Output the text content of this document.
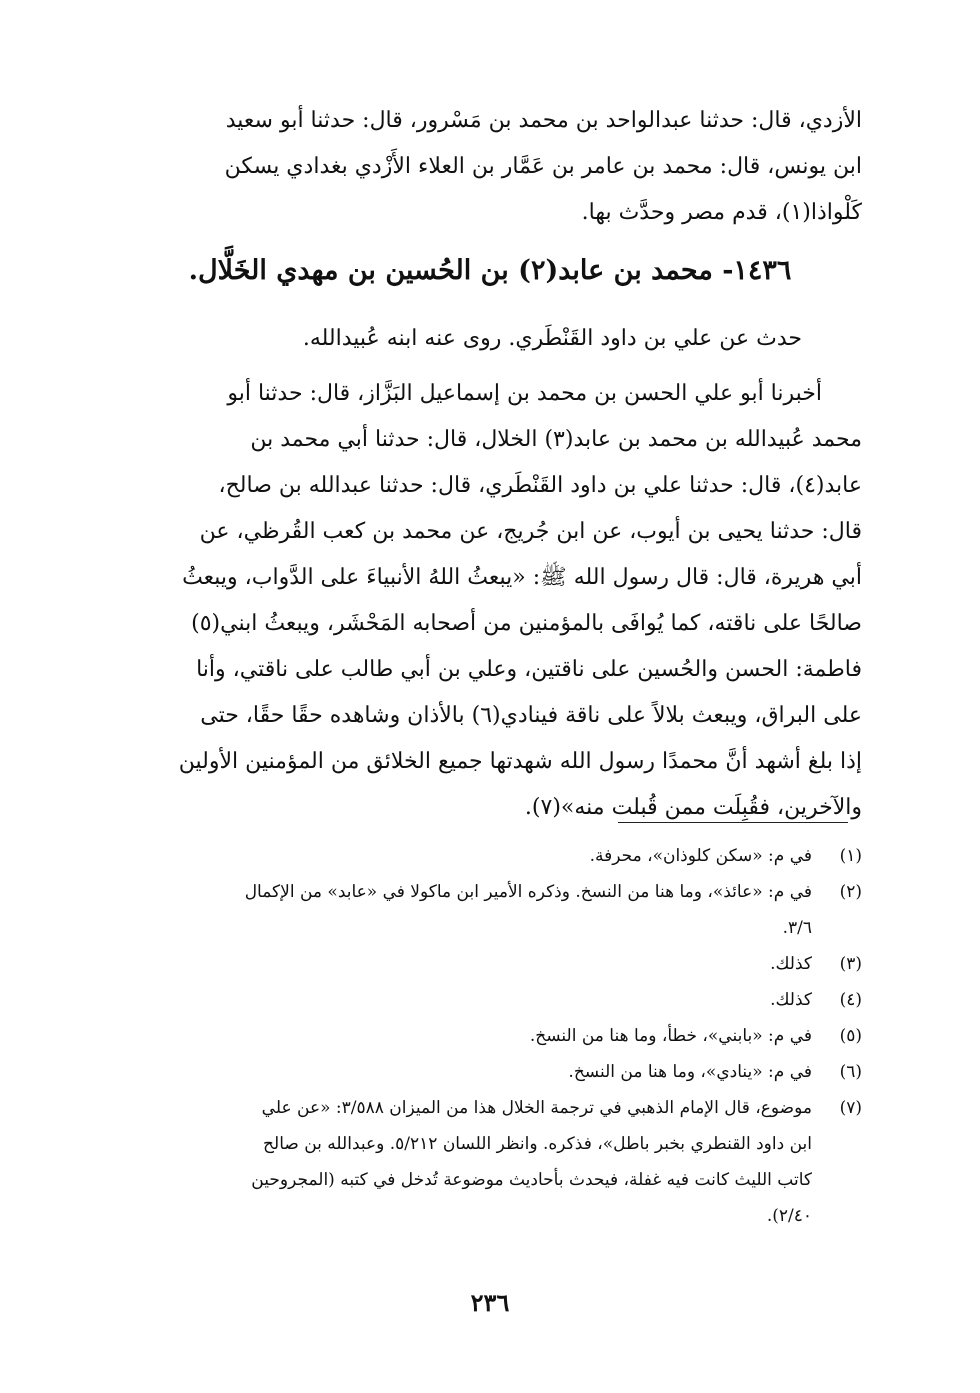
الأزدي، قال: حدثنا عبدالواحد بن محمد بن مَسْرور، قال: حدثنا أبو سعيد
ابن يونس، قال: محمد بن عامر بن عَمَّار بن العلاء الأَزْدي بغدادي يسكن
كَلْواذا(١)، قدم مصر وحدَّث بها.
١٤٣٦- محمد بن عابد(٢) بن الحُسين بن مهدي الخَلَّال.
حدث عن علي بن داود القَنْطَري. روى عنه ابنه عُبيدالله.
أخبرنا أبو علي الحسن بن محمد بن إسماعيل البَزَّاز، قال: حدثنا أبو
محمد عُبيدالله بن محمد بن عابد(٣) الخلال، قال: حدثنا أبي محمد بن
عابد(٤)، قال: حدثنا علي بن داود القَنْطَري، قال: حدثنا عبدالله بن صالح،
قال: حدثنا يحيى بن أيوب، عن ابن جُريج، عن محمد بن كعب القُرظي، عن
أبي هريرة، قال: قال رسول الله ﷺ: «يبعثُ اللهُ الأنبياءَ على الدَّواب، ويبعثُ
صالحًا على ناقته، كما يُوافَى بالمؤمنين من أصحابه المَحْشَر، ويبعثُ ابني(٥)
فاطمة: الحسن والحُسين على ناقتين، وعلي بن أبي طالب على ناقتي، وأنا
على البراق، ويبعث بلالاً على ناقة فينادي(٦) بالأذان وشاهده حقًا حقًا، حتى
إذا بلغ أشهد أنَّ محمدًا رسول الله شهدتها جميع الخلائق من المؤمنين الأولين
والآخرين، فقُبِلَت ممن قُبلت منه»(٧).
(١)
في م: «سكن كلوذان»، محرفة.
(٢)
في م: «عائذ»، وما هنا من النسخ. وذكره الأمير ابن ماكولا في «عابد» من الإكمال
٣/٦.
(٣)
كذلك.
(٤)
كذلك.
(٥)
في م: «بابني»، خطأ، وما هنا من النسخ.
(٦)
في م: «ينادي»، وما هنا من النسخ.
(٧)
موضوع، قال الإمام الذهبي في ترجمة الخلال هذا من الميزان ٣/٥٨٨: «عن علي
ابن داود القنطري بخبر باطل»، فذكره. وانظر اللسان ٥/٢١٢. وعبدالله بن صالح
كاتب الليث كانت فيه غفلة، فيحدث بأحاديث موضوعة تُدخل في كتبه (المجروحين
٢/٤٠).
٢٣٦
